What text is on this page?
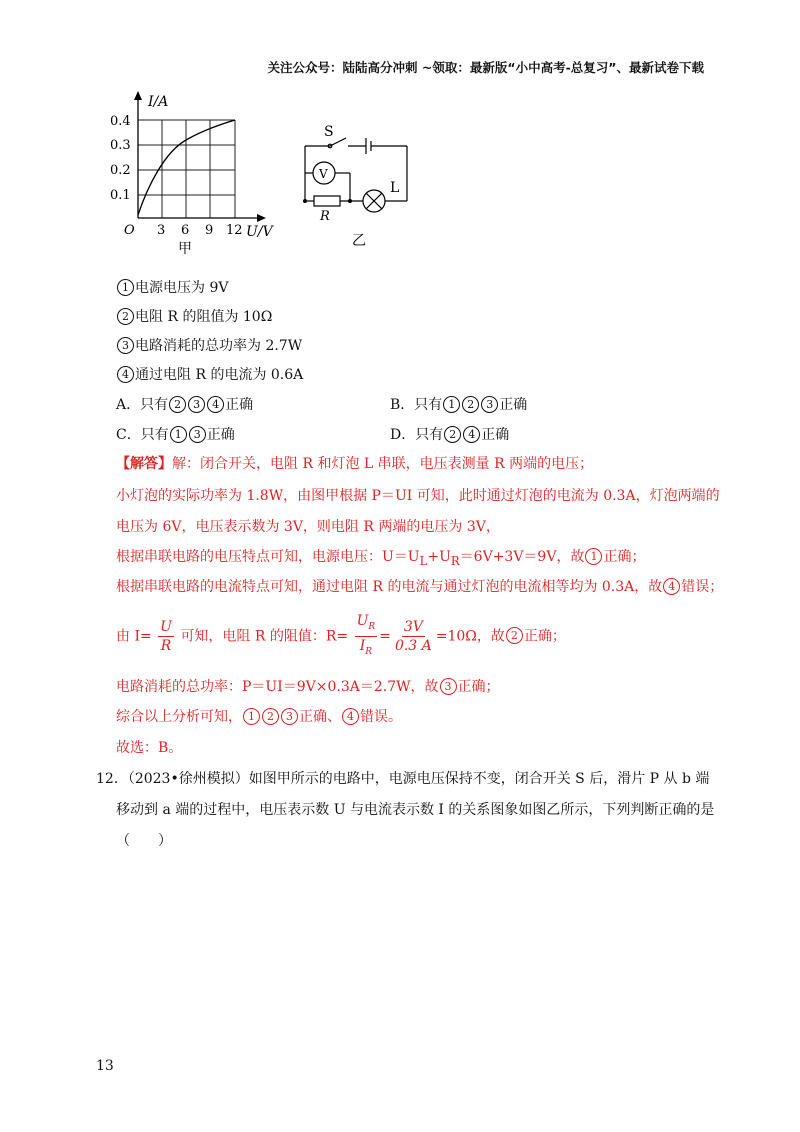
关注公众号：陆陆高分冲刺 ~领取：最新版“小中高考-总复习”、最新试卷下载
I/A
0.4
0.3
0.2
0.1
O 3 6 9 12 U/V
甲
S
V
R
L
乙
1 电源电压为 9V
2 电阻 R 的阻值为 10Ω
3 电路消耗的总功率为 2.7W
4 通过电阻 R 的电流为 0.6A
A．只有 2 3 4 正确	B．只有 1 2 3 正确
C．只有 1 3 正确	D．只有 2 4 正确
【解答】解：闭合开关，电阻 R 和灯泡 L 串联，电压表测量 R 两端的电压；
小灯泡的实际功率为 1.8W，由图甲根据 P＝UI 可知，此时通过灯泡的电流为 0.3A，灯泡两端的
电压为 6V，电压表示数为 3V，则电阻 R 两端的电压为 3V，
根据串联电路的电压特点可知，电源电压：$U=U_L+U_R=6V+3V=9V$，故 1 正确；
根据串联电路的电流特点可知，通过电阻 R 的电流与通过灯泡的电流相等均为 0.3A，故 4 错误；
由 $I= \frac{U}{R}$ 可知，电阻 R 的阻值：$R= \frac{U_R}{I_R} = \frac{3V}{0.3 A} =10\Omega$，故 2 正确；
电路消耗的总功率：P＝UI＝9V×0.3A＝2.7W，故 3 正确；
综合以上分析可知， 1 2 3 正确、 4 错误。
故选：B。
12．（2023•徐州模拟）如图甲所示的电路中，电源电压保持不变，闭合开关 S 后，滑片 P 从 b 端
移动到 a 端的过程中，电压表示数 U 与电流表示数 I 的关系图象如图乙所示，下列判断正确的是
（　　）
13
